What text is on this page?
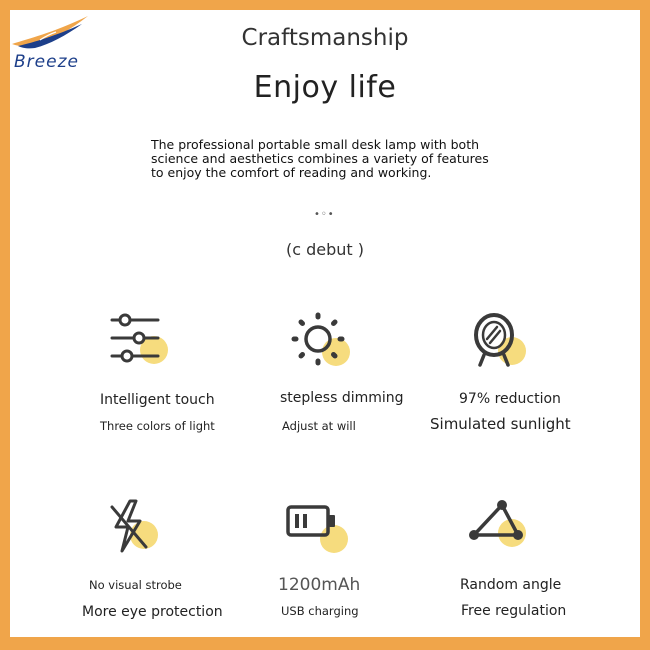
Breeze
Craftsmanship
Enjoy life
The professional portable small desk lamp with both
science and aesthetics combines a variety of features
to enjoy the comfort of reading and working.
•◦•
(c debut )
Intelligent touch
Three colors of light
stepless dimming
Adjust at will
97% reduction
Simulated sunlight
No visual strobe
More eye protection
1200mAh
USB charging
Random angle
Free regulation
